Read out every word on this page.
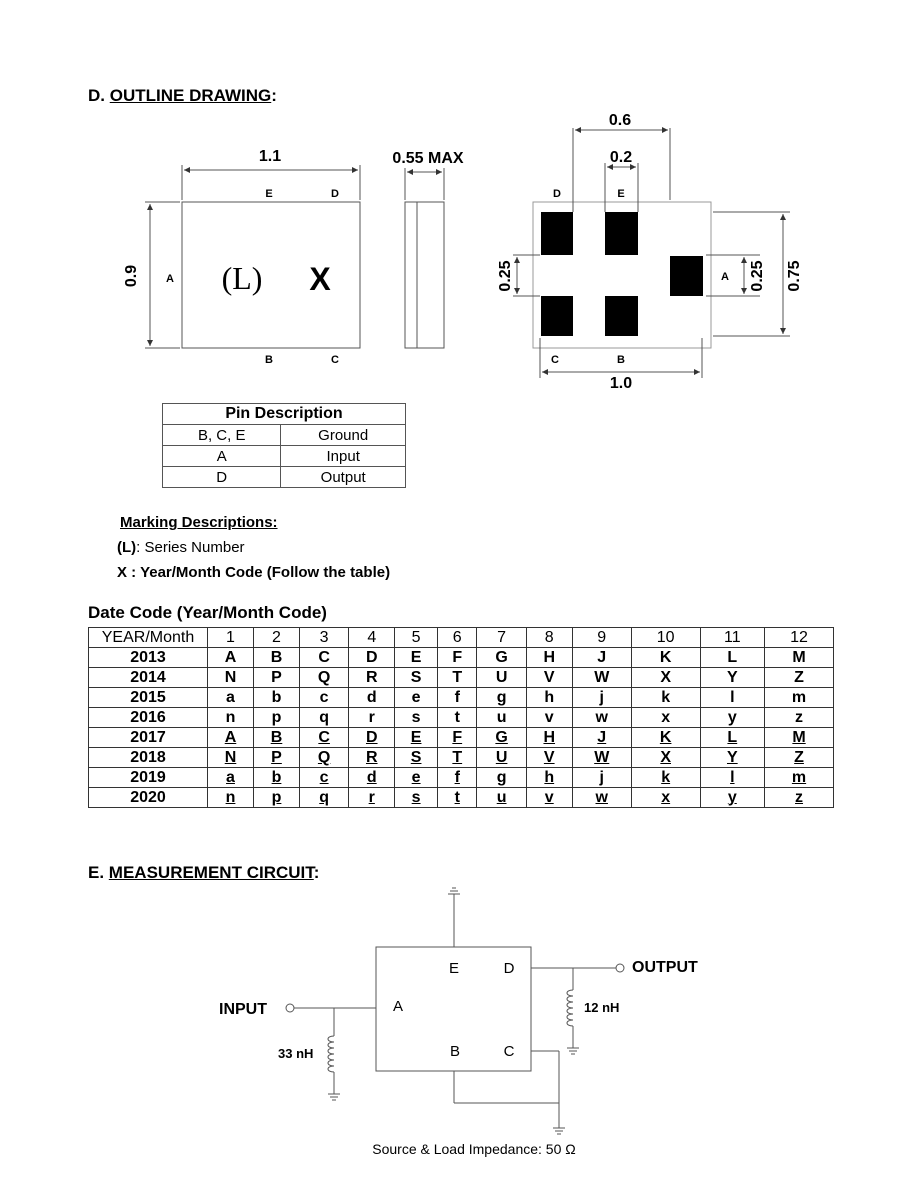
D. OUTLINE DRAWING:
1.1
0.9
E	D
A
B	C
0.55 MAX
0.6
0.2
D	E
A
C	B
0.25	0.25 0.75
1.0
(L) X
Pin Description	
B, C, E	Ground
A	Input
D	Output
Marking Descriptions:
(L): Series Number
X : Year/Month Code (Follow the table)
Date Code (Year/Month Code)
YEAR/Month	1	2	3	4	5	6	7	8	9	10	11	12
2013	A	B	C	D	E	F	G	H	J	K	L	M
2014	N	P	Q	R	S	T	U	V	W	X	Y	Z
2015	a	b	c	d	e	f	g	h	j	k	l	m
2016	n	p	q	r	s	t	u	v	w	x	y	z
2017	A	B	C	D	E	F	G	H	J	K	L	M
2018	N	P	Q	R	S	T	U	V	W	X	Y	Z
2019	a	b	c	d	e	f	g	h	j	k	l	m
2020	n	p	q	r	s	t	u	v	w	x	y	z
E. MEASUREMENT CIRCUIT:
E	D
A
B	C
INPUT
OUTPUT
33 nH
12 nH
Source & Load Impedance: 50 Ω
